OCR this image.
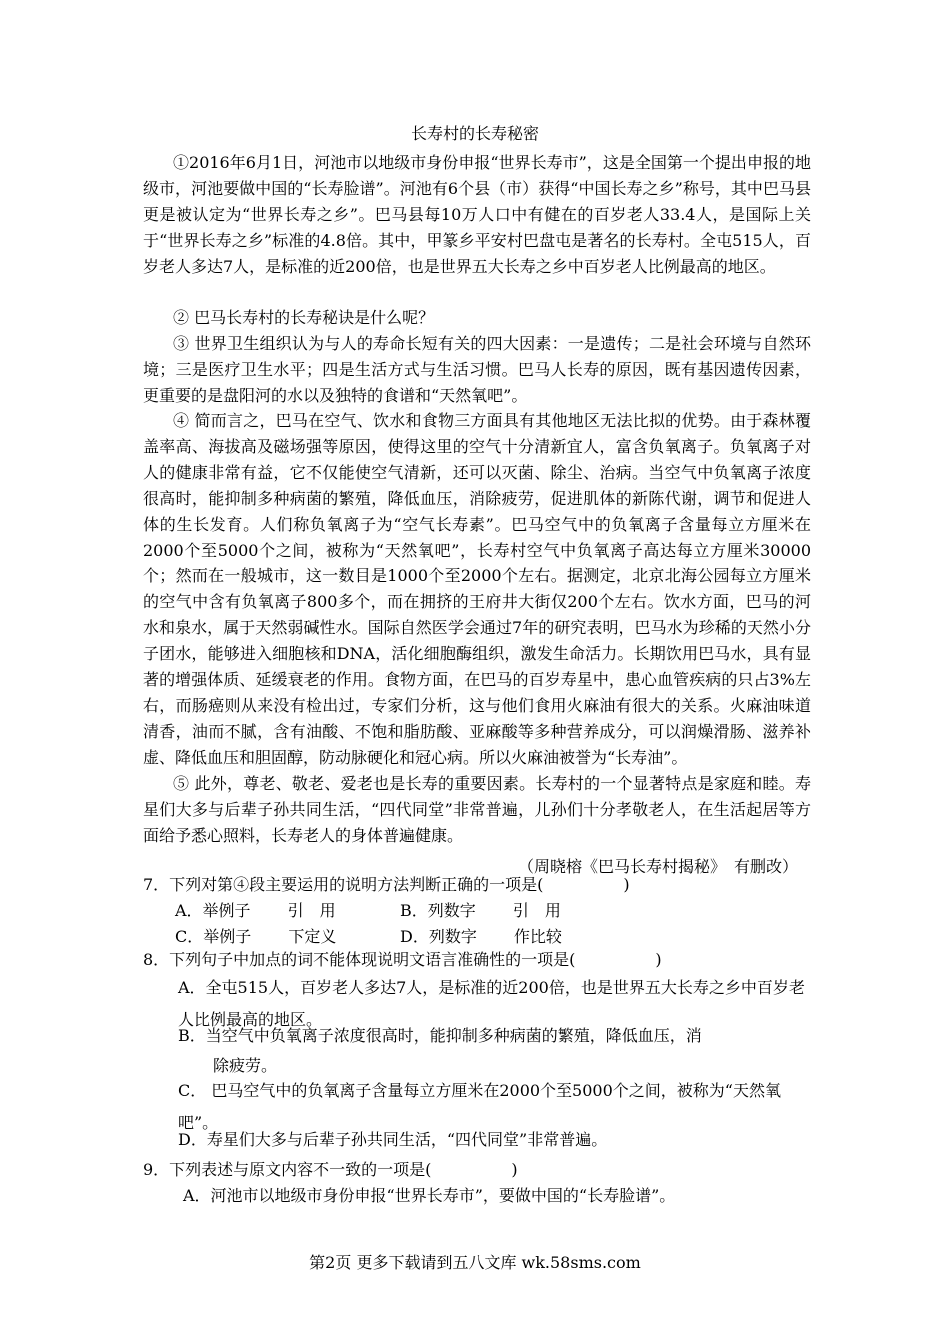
长寿村的长寿秘密

①2016年6月1日，河池市以地级市身份申报“世界长寿市”，这是全国第一个提出申报的地级市，河池要做中国的“长寿脸谱”。河池有6个县（市）获得“中国长寿之乡”称号，其中巴马县更是被认定为“世界长寿之乡”。巴马县每10万人口中有健在的百岁老人33.4人，是国际上关于“世界长寿之乡”标准的4.8倍。其中，甲篆乡平安村巴盘屯是著名的长寿村。全屯515人，百岁老人多达7人，是标准的近200倍，也是世界五大长寿之乡中百岁老人比例最高的地区。

② 巴马长寿村的长寿秘诀是什么呢？

③ 世界卫生组织认为与人的寿命长短有关的四大因素：一是遗传；二是社会环境与自然环境；三是医疗卫生水平；四是生活方式与生活习惯。巴马人长寿的原因，既有基因遗传因素，更重要的是盘阳河的水以及独特的食谱和“天然氧吧”。

④ 简而言之，巴马在空气、饮水和食物三方面具有其他地区无法比拟的优势。由于森林覆盖率高、海拔高及磁场强等原因，使得这里的空气十分清新宜人，富含负氧离子。负氧离子对人的健康非常有益，它不仅能使空气清新，还可以灭菌、除尘、治病。当空气中负氧离子浓度很高时，能抑制多种病菌的繁殖，降低血压，消除疲劳，促进肌体的新陈代谢，调节和促进人体的生长发育。人们称负氧离子为“空气长寿素”。巴马空气中的负氧离子含量每立方厘米在2000个至5000个之间，被称为“天然氧吧”，长寿村空气中负氧离子高达每立方厘米30000个；然而在一般城市，这一数目是1000个至2000个左右。据测定，北京北海公园每立方厘米的空气中含有负氧离子800多个，而在拥挤的王府井大街仅200个左右。饮水方面，巴马的河水和泉水，属于天然弱碱性水。国际自然医学会通过7年的研究表明，巴马水为珍稀的天然小分子团水，能够进入细胞核和DNA，活化细胞酶组织，激发生命活力。长期饮用巴马水，具有显著的增强体质、延缓衰老的作用。食物方面，在巴马的百岁寿星中，患心血管疾病的只占3%左右，而肠癌则从来没有检出过，专家们分析，这与他们食用火麻油有很大的关系。火麻油味道清香，油而不腻，含有油酸、不饱和脂肪酸、亚麻酸等多种营养成分，可以润燥滑肠、滋养补虚、降低血压和胆固醇，防动脉硬化和冠心病。所以火麻油被誉为“长寿油”。

⑤ 此外，尊老、敬老、爱老也是长寿的重要因素。长寿村的一个显著特点是家庭和睦。寿星们大多与后辈子孙共同生活，“四代同堂”非常普遍，儿孙们十分孝敬老人，在生活起居等方面给予悉心照料，长寿老人的身体普遍健康。

（周晓榕《巴马长寿村揭秘》　有删改）
7．下列对第④段主要运用的说明方法判断正确的一项是(　　　　　)
A．举例子　　 引　用	B．列数字　　 引　用
C．举例子　　 下定义	D．列数字　　 作比较
8．下列句子中加点的词不能体现说明文语言准确性的一项是(　　　　　)
A．全屯515人，百岁老人多达7人，是标准的近200倍，也是世界五大长寿之乡中百岁老人比例最高的地区。
B．当空气中负氧离子浓度很高时，能抑制多种病菌的繁殖，降低血压，消
除疲劳。
C． 巴马空气中的负氧离子含量每立方厘米在2000个至5000个之间，被称为“天然氧吧”。
D．寿星们大多与后辈子孙共同生活，“四代同堂”非常普遍。
9．下列表述与原文内容不一致的一项是(　　　　　)
A．河池市以地级市身份申报“世界长寿市”，要做中国的“长寿脸谱”。
第2页 更多下载请到五八文库 wk.58sms.com
